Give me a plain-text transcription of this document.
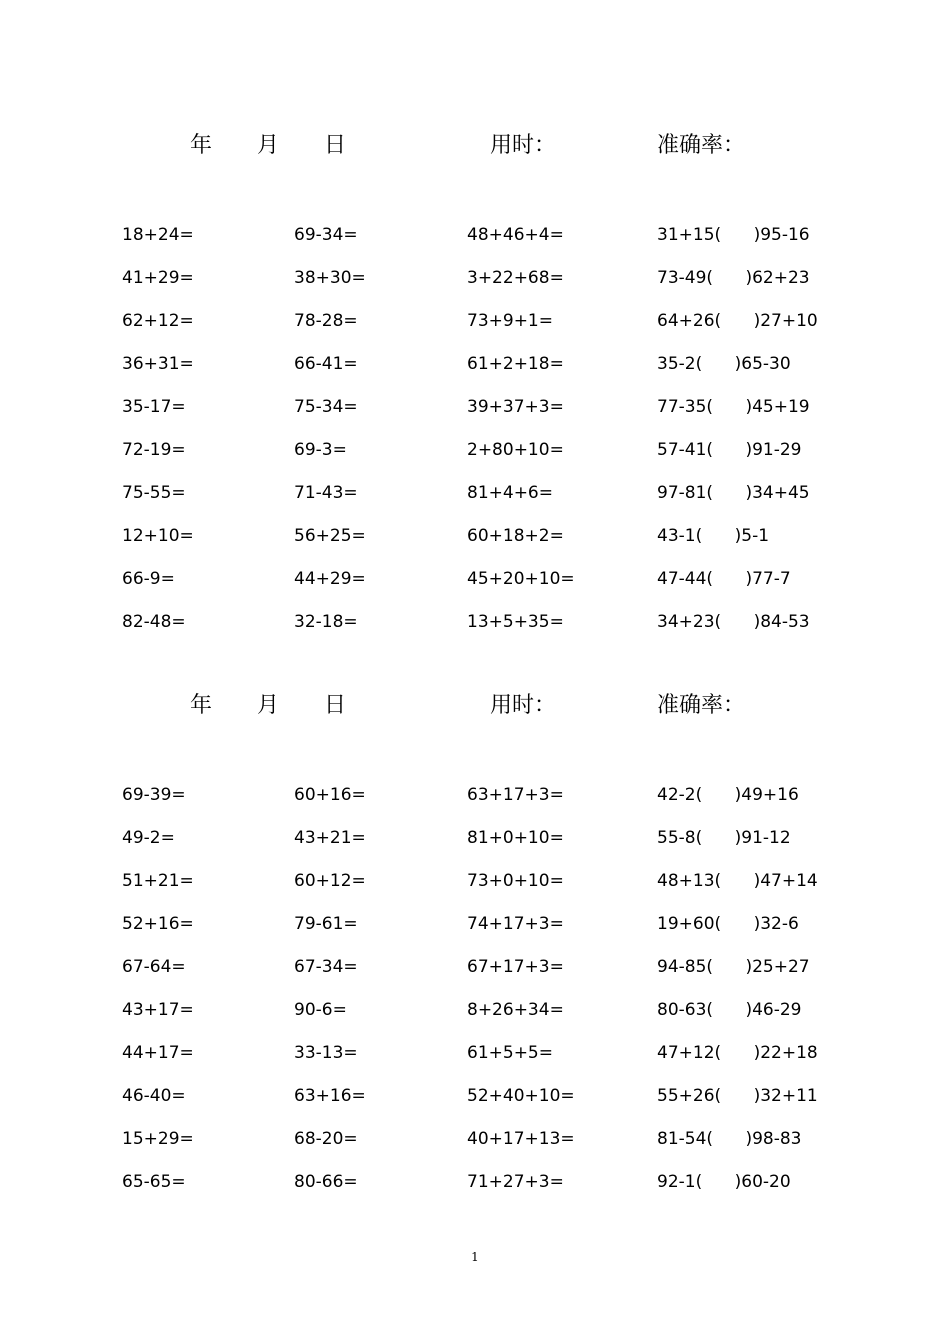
年 月 日	用时：	准确率：
18+24=	69-34=	48+46+4=	31+15(      )95-16
41+29=	38+30=	3+22+68=	73-49(      )62+23
62+12=	78-28=	73+9+1=	64+26(      )27+10
36+31=	66-41=	61+2+18=	35-2(      )65-30
35-17=	75-34=	39+37+3=	77-35(      )45+19
72-19=	69-3=	2+80+10=	57-41(      )91-29
75-55=	71-43=	81+4+6=	97-81(      )34+45
12+10=	56+25=	60+18+2=	43-1(      )5-1
66-9=	44+29=	45+20+10=	47-44(      )77-7
82-48=	32-18=	13+5+35=	34+23(      )84-53
年 月 日	用时：	准确率：
69-39=	60+16=	63+17+3=	42-2(      )49+16
49-2=	43+21=	81+0+10=	55-8(      )91-12
51+21=	60+12=	73+0+10=	48+13(      )47+14
52+16=	79-61=	74+17+3=	19+60(      )32-6
67-64=	67-34=	67+17+3=	94-85(      )25+27
43+17=	90-6=	8+26+34=	80-63(      )46-29
44+17=	33-13=	61+5+5=	47+12(      )22+18
46-40=	63+16=	52+40+10=	55+26(      )32+11
15+29=	68-20=	40+17+13=	81-54(      )98-83
65-65=	80-66=	71+27+3=	92-1(      )60-20
1
